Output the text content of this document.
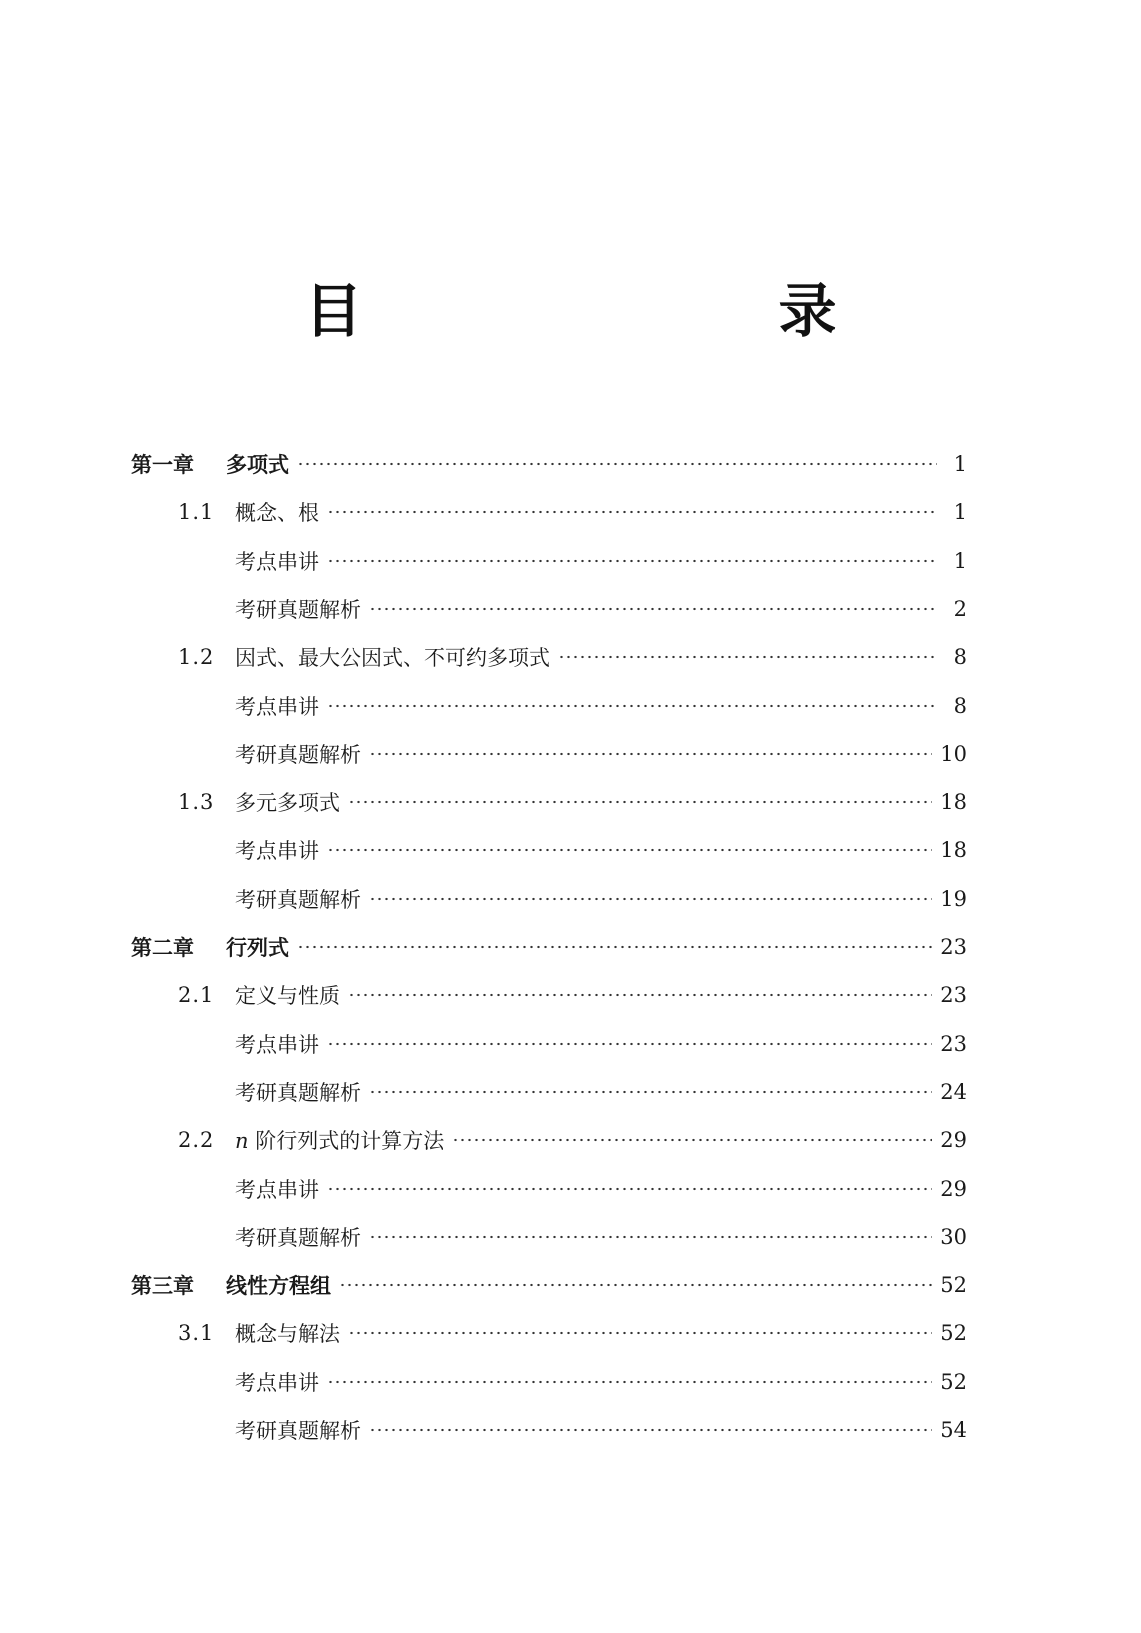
目　　录
第一章	多项式	1
1.1 概念、根	1
考点串讲	1
考研真题解析	2
1.2 因式、最大公因式、不可约多项式	8
考点串讲	8
考研真题解析	10
1.3 多元多项式	18
考点串讲	18
考研真题解析	19
第二章	行列式	23
2.1 定义与性质	23
考点串讲	23
考研真题解析	24
2.2 n 阶行列式的计算方法	29
考点串讲	29
考研真题解析	30
第三章	线性方程组	52
3.1 概念与解法	52
考点串讲	52
考研真题解析	54
